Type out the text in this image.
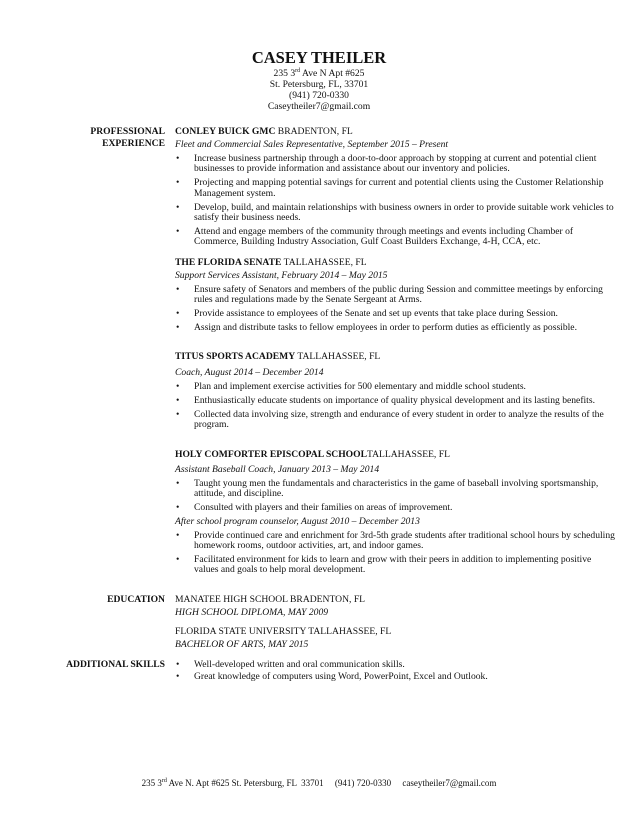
CASEY THEILER
235 3rd Ave N Apt #625
St. Petersburg, FL, 33701
(941) 720-0330
Caseytheiler7@gmail.com
PROFESSIONAL
EXPERIENCE
CONLEY BUICK GMC BRADENTON, FL
Fleet and Commercial Sales Representative, September 2015 – Present
• Increase business partnership through a door-to-door approach by stopping at current and potential client businesses to provide information and assistance about our inventory and policies.
• Projecting and mapping potential savings for current and potential clients using the Customer Relationship Management system.
• Develop, build, and maintain relationships with business owners in order to provide suitable work vehicles to satisfy their business needs.
• Attend and engage members of the community through meetings and events including Chamber of Commerce, Building Industry Association, Gulf Coast Builders Exchange, 4-H, CCA, etc.
THE FLORIDA SENATE TALLAHASSEE, FL
Support Services Assistant, February 2014 – May 2015
• Ensure safety of Senators and members of the public during Session and committee meetings by enforcing rules and regulations made by the Senate Sergeant at Arms.
• Provide assistance to employees of the Senate and set up events that take place during Session.
• Assign and distribute tasks to fellow employees in order to perform duties as efficiently as possible.
TITUS SPORTS ACADEMY TALLAHASSEE, FL
Coach, August 2014 – December 2014
• Plan and implement exercise activities for 500 elementary and middle school students.
• Enthusiastically educate students on importance of quality physical development and its lasting benefits.
• Collected data involving size, strength and endurance of every student in order to analyze the results of the program.
HOLY COMFORTER EPISCOPAL SCHOOLTALLAHASSEE, FL
Assistant Baseball Coach, January 2013 – May 2014
• Taught young men the fundamentals and characteristics in the game of baseball involving sportsmanship, attitude, and discipline.
• Consulted with players and their families on areas of improvement.
After school program counselor, August 2010 – December 2013
• Provide continued care and enrichment for 3rd-5th grade students after traditional school hours by scheduling homework rooms, outdoor activities, art, and indoor games.
• Facilitated environment for kids to learn and grow with their peers in addition to implementing positive values and goals to help moral development.
EDUCATION MANATEE HIGH SCHOOL BRADENTON, FL
HIGH SCHOOL DIPLOMA, MAY 2009
FLORIDA STATE UNIVERSITY TALLAHASSEE, FL
BACHELOR OF ARTS, MAY 2015
ADDITIONAL SKILLS • Well-developed written and oral communication skills.
• Great knowledge of computers using Word, PowerPoint, Excel and Outlook.
235 3rd Ave N. Apt #625 St. Petersburg, FL  33701     (941) 720-0330     caseytheiler7@gmail.com
